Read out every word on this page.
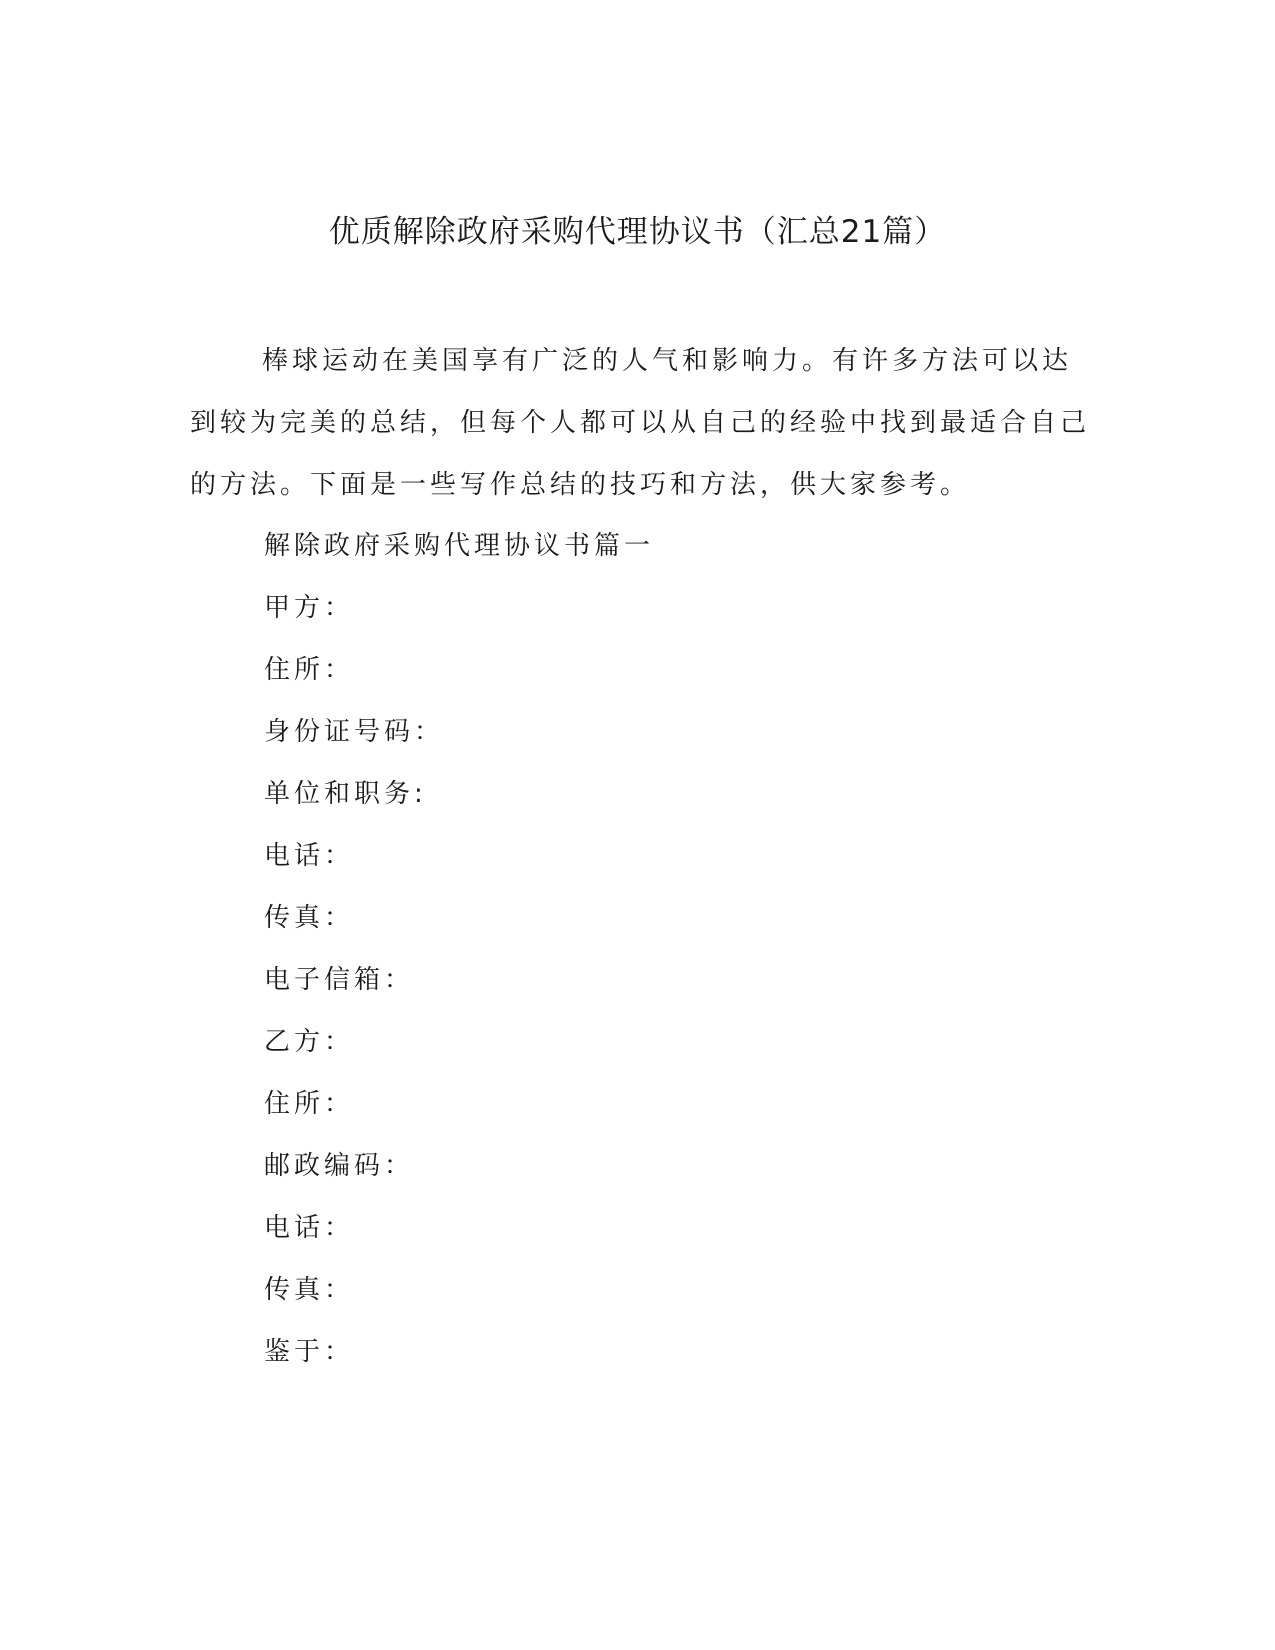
优质解除政府采购代理协议书（汇总21篇）

棒球运动在美国享有广泛的人气和影响力。有许多方法可以达到较为完美的总结，但每个人都可以从自己的经验中找到最适合自己的方法。下面是一些写作总结的技巧和方法，供大家参考。

解除政府采购代理协议书篇一
甲方：
住所：
身份证号码：
单位和职务:
电话：
传真：
电子信箱：
乙方：
住所：
邮政编码：
电话：
传真：
鉴于：
